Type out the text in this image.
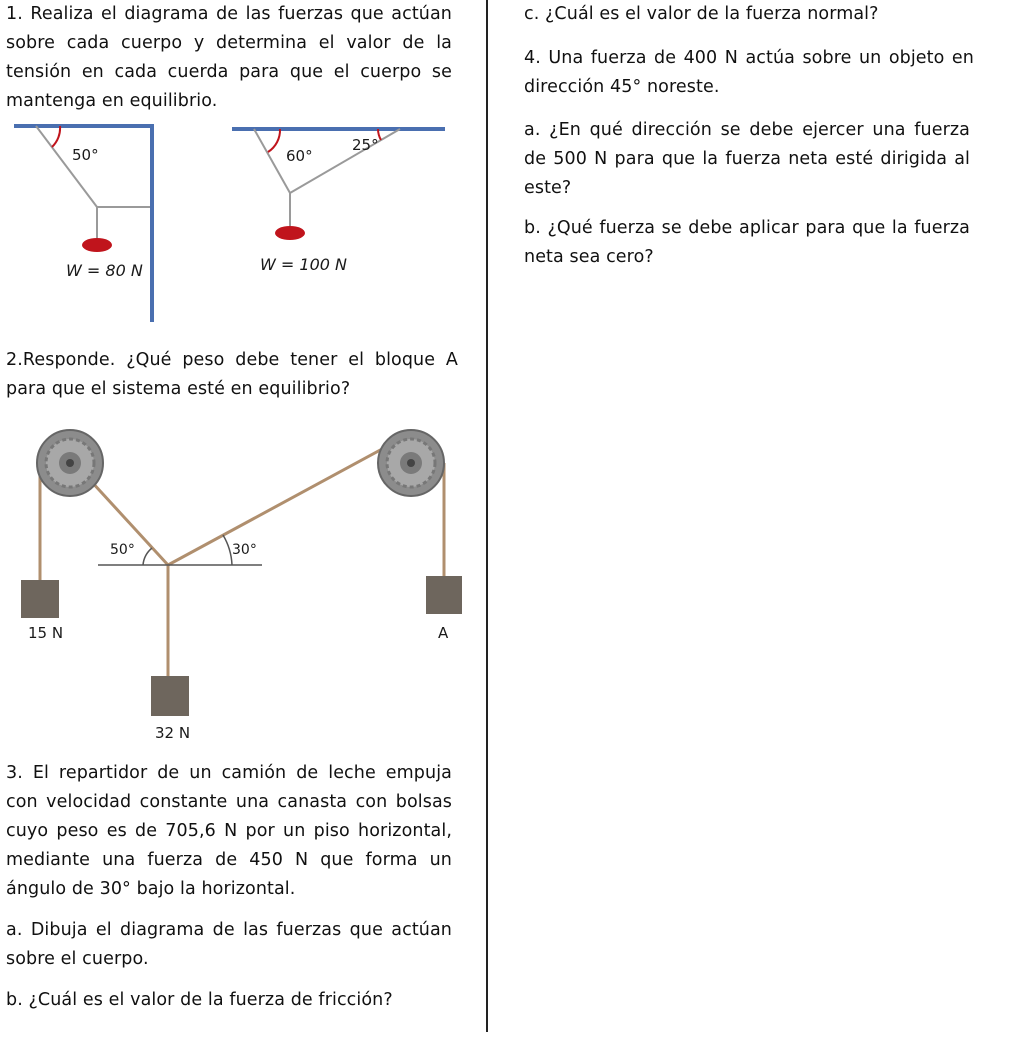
1. Realiza el diagrama de las fuerzas que actúan sobre cada cuerpo y determina el valor de la tensión en cada cuerda para que el cuerpo se mantenga en equilibrio.

50°
W = 80 N
60°
25°
W = 100 N

2.Responde. ¿Qué peso debe tener el bloque A para que el sistema esté en equilibrio?

50°	30°
15 N
32 N
A

3. El repartidor de un camión de leche empuja con velocidad constante una canasta con bolsas cuyo peso es de 705,6 N por un piso horizontal, mediante una fuerza de 450 N que forma un ángulo de 30° bajo la horizontal.

a. Dibuja el diagrama de las fuerzas que actúan sobre el cuerpo.

b. ¿Cuál es el valor de la fuerza de fricción?

c. ¿Cuál es el valor de la fuerza normal?

4. Una fuerza de 400 N actúa sobre un objeto en dirección 45° noreste.

a. ¿En qué dirección se debe ejercer una fuerza de 500 N para que la fuerza neta esté dirigida al este?

b. ¿Qué fuerza se debe aplicar para que la fuerza neta sea cero?
